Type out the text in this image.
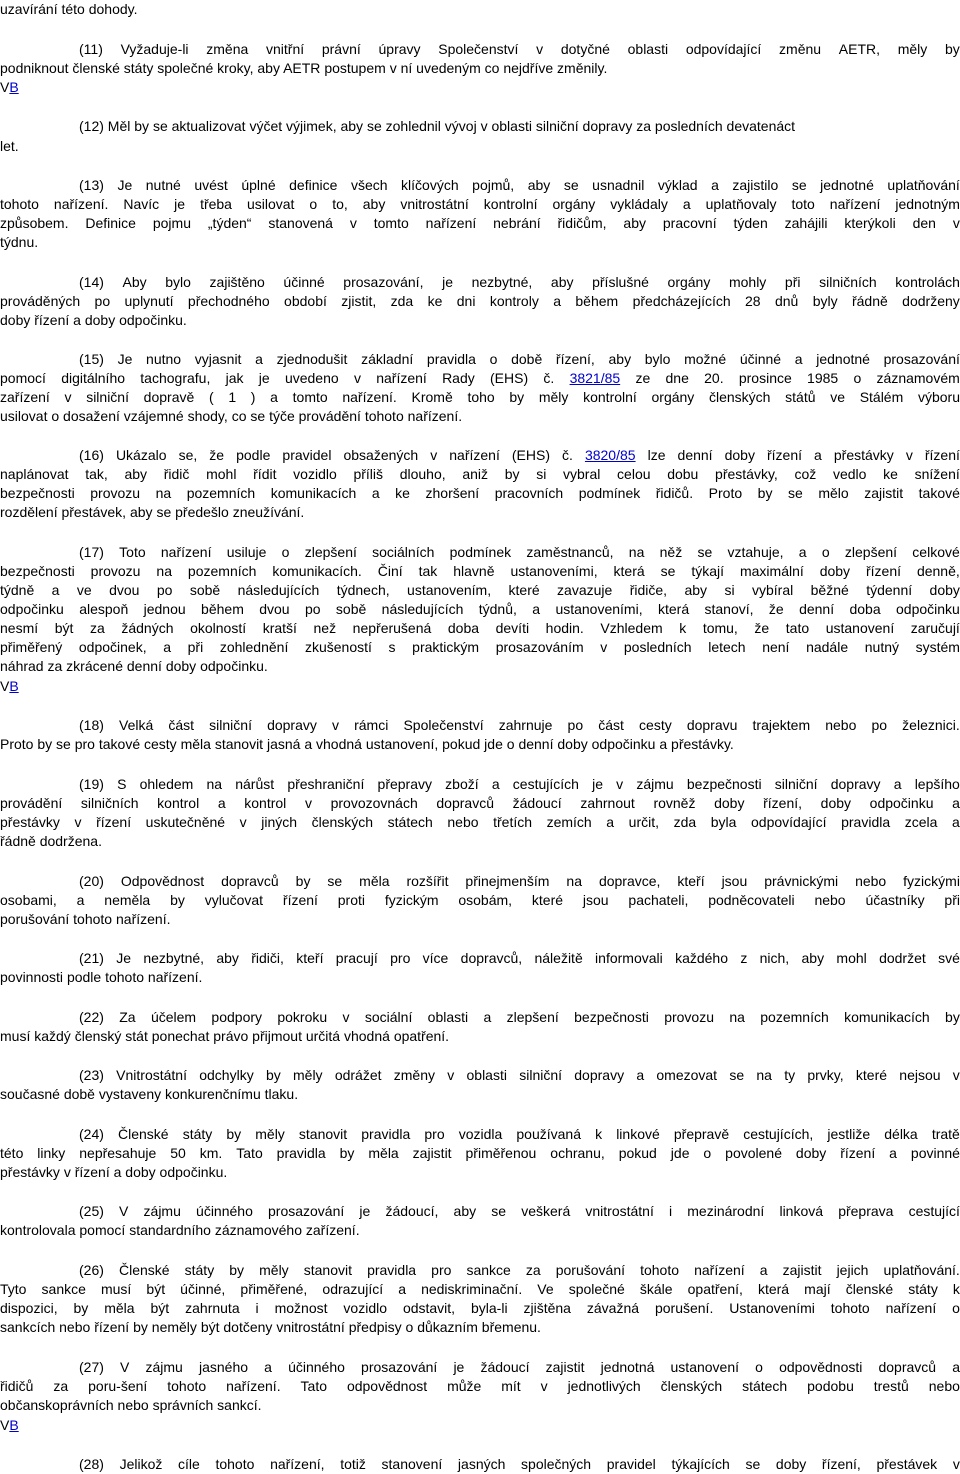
uzavírání této dohody.
(11) Vyžaduje-li změna vnitřní právní úpravy Společenství v dotyčné oblasti odpovídající změnu AETR, měly by
podniknout členské státy společné kroky, aby AETR postupem v ní uvedeným co nejdříve změnily.
(12) Měl by se aktualizovat výčet výjimek, aby se zohlednil vývoj v oblasti silniční dopravy za posledních devatenáct
let.
(13) Je nutné uvést úplné definice všech klíčových pojmů, aby se usnadnil výklad a zajistilo se jednotné uplatňování
tohoto nařízení. Navíc je třeba usilovat o to, aby vnitrostátní kontrolní orgány vykládaly a uplatňovaly toto nařízení jednotným
způsobem. Definice pojmu „týden“ stanovená v tomto nařízení nebrání řidičům, aby pracovní týden zahájili kterýkoli den v
týdnu.
(14) Aby bylo zajištěno účinné prosazování, je nezbytné, aby příslušné orgány mohly při silničních kontrolách
prováděných po uplynutí přechodného období zjistit, zda ke dni kontroly a během předcházejících 28 dnů byly řádně dodrženy
doby řízení a doby odpočinku.
(15) Je nutno vyjasnit a zjednodušit základní pravidla o době řízení, aby bylo možné účinné a jednotné prosazování
pomocí digitálního tachografu, jak je uvedeno v nařízení Rady (EHS) č. 3821/85 ze dne 20. prosince 1985 o záznamovém
zařízení v silniční dopravě ( 1 ) a tomto nařízení. Kromě toho by měly kontrolní orgány členských států ve Stálém výboru
usilovat o dosažení vzájemné shody, co se týče provádění tohoto nařízení.
(16) Ukázalo se, že podle pravidel obsažených v nařízení (EHS) č. 3820/85 lze denní doby řízení a přestávky v řízení
naplánovat tak, aby řidič mohl řídit vozidlo příliš dlouho, aniž by si vybral celou dobu přestávky, což vedlo ke snížení
bezpečnosti provozu na pozemních komunikacích a ke zhoršení pracovních podmínek řidičů. Proto by se mělo zajistit takové
rozdělení přestávek, aby se předešlo zneužívání.
(17) Toto nařízení usiluje o zlepšení sociálních podmínek zaměstnanců, na něž se vztahuje, a o zlepšení celkové
bezpečnosti provozu na pozemních komunikacích. Činí tak hlavně ustanoveními, která se týkají maximální doby řízení denně,
týdně a ve dvou po sobě následujících týdnech, ustanovením, které zavazuje řidiče, aby si vybíral běžné týdenní doby
odpočinku alespoň jednou během dvou po sobě následujících týdnů, a ustanoveními, která stanoví, že denní doba odpočinku
nesmí být za žádných okolností kratší než nepřerušená doba devíti hodin. Vzhledem k tomu, že tato ustanovení zaručují
přiměřený odpočinek, a při zohlednění zkušeností s praktickým prosazováním v posledních letech není nadále nutný systém
náhrad za zkrácené denní doby odpočinku.
(18) Velká část silniční dopravy v rámci Společenství zahrnuje po část cesty dopravu trajektem nebo po železnici.
Proto by se pro takové cesty měla stanovit jasná a vhodná ustanovení, pokud jde o denní doby odpočinku a přestávky.
(19) S ohledem na nárůst přeshraniční přepravy zboží a cestujících je v zájmu bezpečnosti silniční dopravy a lepšího
provádění silničních kontrol a kontrol v provozovnách dopravců žádoucí zahrnout rovněž doby řízení, doby odpočinku a
přestávky v řízení uskutečněné v jiných členských státech nebo třetích zemích a určit, zda byla odpovídající pravidla zcela a
řádně dodržena.
(20) Odpovědnost dopravců by se měla rozšířit přinejmenším na dopravce, kteří jsou právnickými nebo fyzickými
osobami, a neměla by vylučovat řízení proti fyzickým osobám, které jsou pachateli, podněcovateli nebo účastníky při
porušování tohoto nařízení.
(21) Je nezbytné, aby řidiči, kteří pracují pro více dopravců, náležitě informovali každého z nich, aby mohl dodržet své
povinnosti podle tohoto nařízení.
(22) Za účelem podpory pokroku v sociální oblasti a zlepšení bezpečnosti provozu na pozemních komunikacích by
musí každý členský stát ponechat právo přijmout určitá vhodná opatření.
(23) Vnitrostátní odchylky by měly odrážet změny v oblasti silniční dopravy a omezovat se na ty prvky, které nejsou v
současné době vystaveny konkurenčnímu tlaku.
(24) Členské státy by měly stanovit pravidla pro vozidla používaná k linkové přepravě cestujících, jestliže délka tratě
této linky nepřesahuje 50 km. Tato pravidla by měla zajistit přiměřenou ochranu, pokud jde o povolené doby řízení a povinné
přestávky v řízení a doby odpočinku.
(25) V zájmu účinného prosazování je žádoucí, aby se veškerá vnitrostátní i mezinárodní linková přeprava cestující
kontrolovala pomocí standardního záznamového zařízení.
(26) Členské státy by měly stanovit pravidla pro sankce za porušování tohoto nařízení a zajistit jejich uplatňování.
Tyto sankce musí být účinné, přiměřené, odrazující a nediskriminační. Ve společné škále opatření, která mají členské státy k
dispozici, by měla být zahrnuta i možnost vozidlo odstavit, byla-li zjištěna závažná porušení. Ustanoveními tohoto nařízení o
sankcích nebo řízení by neměly být dotčeny vnitrostátní předpisy o důkazním břemenu.
(27) V zájmu jasného a účinného prosazování je žádoucí zajistit jednotná ustanovení o odpovědnosti dopravců a
řidičů za poru-šení tohoto nařízení. Tato odpovědnost může mít v jednotlivých členských státech podobu trestů nebo
občanskoprávních nebo správních sankcí.
(28) Jelikož cíle tohoto nařízení, totiž stanovení jasných společných pravidel týkajících se doby řízení, přestávek v
VB
VB
VB
